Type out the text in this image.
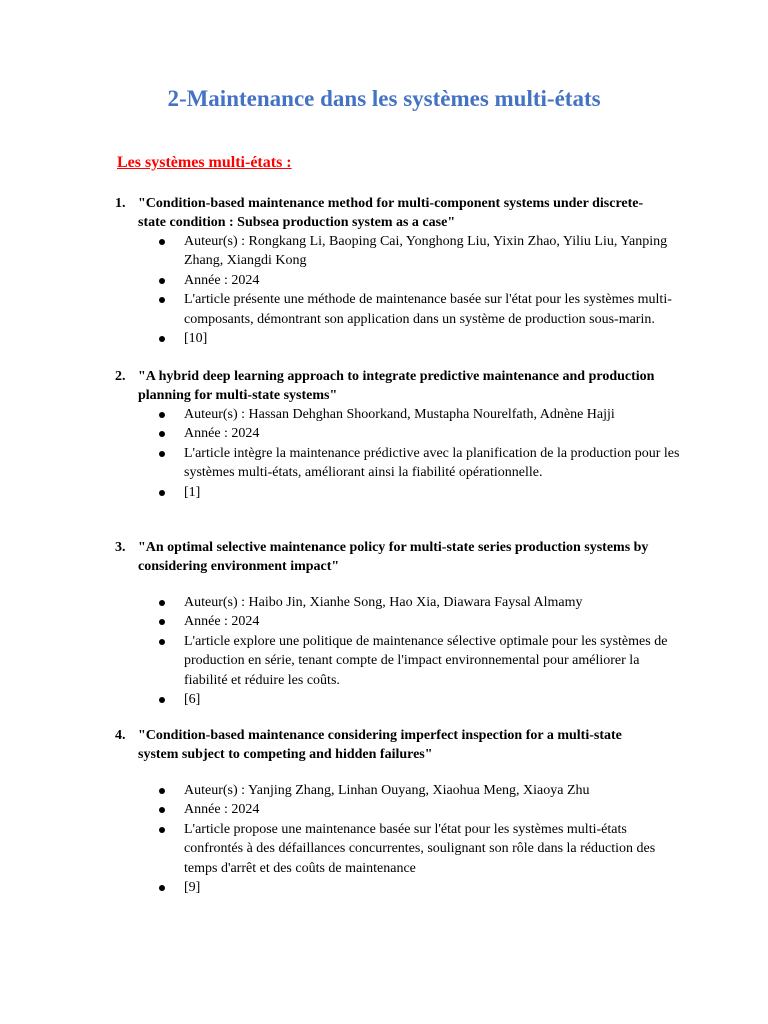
2-Maintenance dans les systèmes multi-états
Les systèmes multi-états :
1. "Condition-based maintenance method for multi-component systems under discrete-state condition : Subsea production system as a case"
Auteur(s) : Rongkang Li, Baoping Cai, Yonghong Liu, Yixin Zhao, Yiliu Liu, Yanping Zhang, Xiangdi Kong
Année : 2024
L'article présente une méthode de maintenance basée sur l'état pour les systèmes multi-composants, démontrant son application dans un système de production sous-marin.
[10]
2. "A hybrid deep learning approach to integrate predictive maintenance and production planning for multi-state systems"
Auteur(s) : Hassan Dehghan Shoorkand, Mustapha Nourelfath, Adnène Hajji
Année : 2024
L'article intègre la maintenance prédictive avec la planification de la production pour les systèmes multi-états, améliorant ainsi la fiabilité opérationnelle.
[1]
3. "An optimal selective maintenance policy for multi-state series production systems by considering environment impact"
Auteur(s) : Haibo Jin, Xianhe Song, Hao Xia, Diawara Faysal Almamy
Année : 2024
L'article explore une politique de maintenance sélective optimale pour les systèmes de production en série, tenant compte de l'impact environnemental pour améliorer la fiabilité et réduire les coûts.
[6]
4. "Condition-based maintenance considering imperfect inspection for a multi-state system subject to competing and hidden failures"
Auteur(s) : Yanjing Zhang, Linhan Ouyang, Xiaohua Meng, Xiaoya Zhu
Année : 2024
L'article propose une maintenance basée sur l'état pour les systèmes multi-états confrontés à des défaillances concurrentes, soulignant son rôle dans la réduction des temps d'arrêt et des coûts de maintenance
[9]
